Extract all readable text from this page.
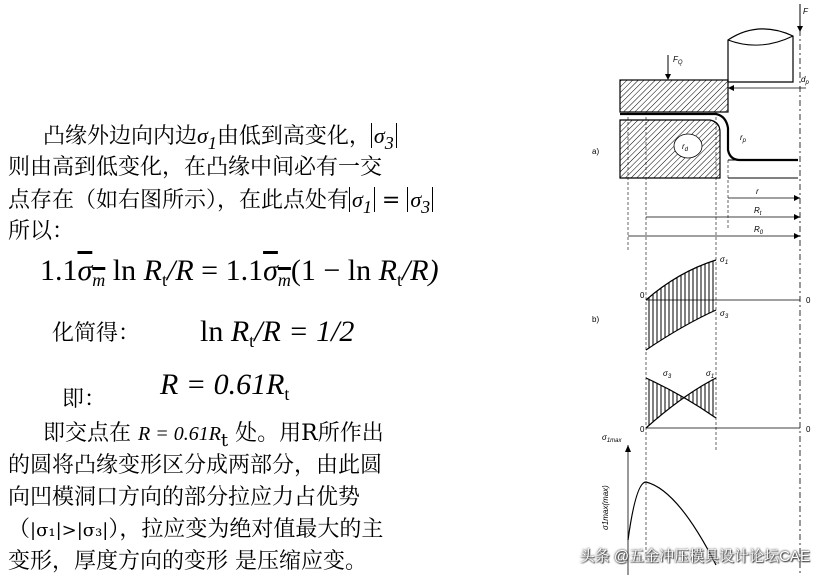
凸缘外边向内边$\sigma_1$由低到高变化， $\sigma_3$
则由高到低变化，在凸缘中间必有一交
点存在（如右图所示），在此点处有 $\sigma_1 = \sigma_3$
所以：
$1.1\sigma_m$ $\ln R_t/R = 1.1\sigma_m(1 - \ln R_t/R)$
化简得： $\ln R_t/R = 1/2$
即： $R = 0.61R_t$
即交点在 $R = 0.61R_t$ 处。用R所作出
的圆将凸缘变形区分成两部分，由此圆
向凹模洞口方向的部分拉应力占优势
（|σ₁|>|σ₃|），拉应变为绝对值最大的主
变形，厚度方向的变形 是压缩应变。
F
$F_Q$
$d_p$
$r_d$
$r_p$
a)
r
$R_t$
$R_0$
0
0
$\sigma_1$
$\sigma_3$
b)
0	0
$\sigma_3$	$\sigma_1$
$\sigma_{1max}$
σ1max(max)
头条 @五金冲压模具设计论坛CAE
